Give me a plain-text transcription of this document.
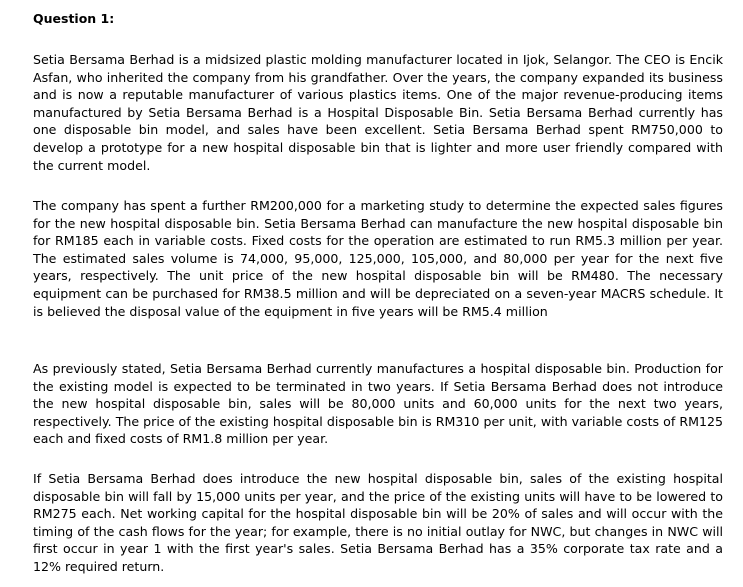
Question 1:

Setia Bersama Berhad is a midsized plastic molding manufacturer located in Ijok, Selangor. The CEO is Encik Asfan, who inherited the company from his grandfather. Over the years, the company expanded its business and is now a reputable manufacturer of various plastics items. One of the major revenue-producing items manufactured by Setia Bersama Berhad is a Hospital Disposable Bin. Setia Bersama Berhad currently has one disposable bin model, and sales have been excellent. Setia Bersama Berhad spent RM750,000 to develop a prototype for a new hospital disposable bin that is lighter and more user friendly compared with the current model.

The company has spent a further RM200,000 for a marketing study to determine the expected sales figures for the new hospital disposable bin. Setia Bersama Berhad can manufacture the new hospital disposable bin for RM185 each in variable costs. Fixed costs for the operation are estimated to run RM5.3 million per year. The estimated sales volume is 74,000, 95,000, 125,000, 105,000, and 80,000 per year for the next five years, respectively. The unit price of the new hospital disposable bin will be RM480. The necessary equipment can be purchased for RM38.5 million and will be depreciated on a seven-year MACRS schedule. It is believed the disposal value of the equipment in five years will be RM5.4 million

As previously stated, Setia Bersama Berhad currently manufactures a hospital disposable bin. Production for the existing model is expected to be terminated in two years. If Setia Bersama Berhad does not introduce the new hospital disposable bin, sales will be 80,000 units and 60,000 units for the next two years, respectively. The price of the existing hospital disposable bin is RM310 per unit, with variable costs of RM125 each and fixed costs of RM1.8 million per year.

If Setia Bersama Berhad does introduce the new hospital disposable bin, sales of the existing hospital disposable bin will fall by 15,000 units per year, and the price of the existing units will have to be lowered to RM275 each. Net working capital for the hospital disposable bin will be 20% of sales and will occur with the timing of the cash flows for the year; for example, there is no initial outlay for NWC, but changes in NWC will first occur in year 1 with the first year's sales. Setia Bersama Berhad has a 35% corporate tax rate and a 12% required return.
